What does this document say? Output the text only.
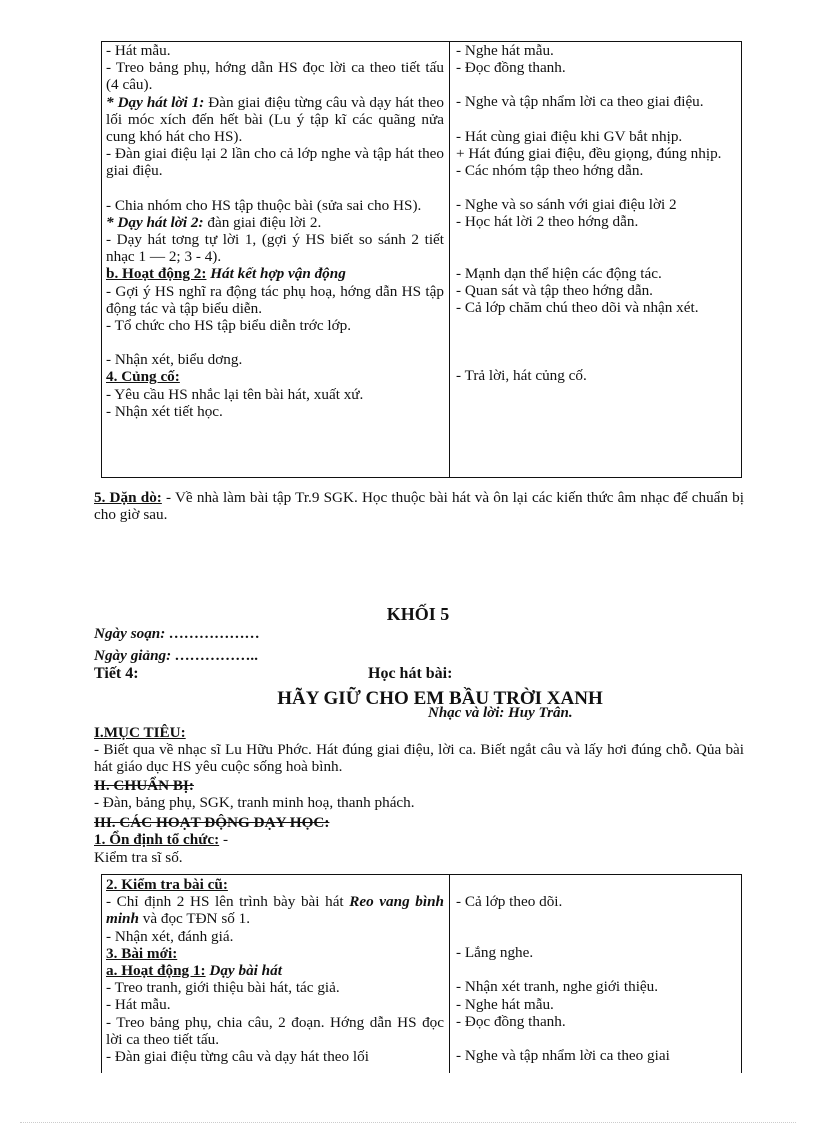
- Hát mẫu.

- Treo bảng phụ, hớng dẫn HS đọc lời ca theo tiết tấu (4 câu).

* Dạy hát lời 1: Đàn giai điệu từng câu và dạy hát theo lối móc xích đến hết bài (Lu ý tập kĩ các quãng nửa cung khó hát cho HS).

- Đàn giai điệu lại 2 lần cho cả lớp nghe và tập hát theo giai điệu.

- Chia nhóm cho HS tập thuộc bài (sửa sai cho HS).

* Dạy hát lời 2: đàn giai điệu lời 2.

- Dạy hát tơng tự lời 1, (gợi ý HS biết so sánh 2 tiết nhạc 1 — 2; 3 - 4).

b. Hoạt động 2: Hát kết hợp vận động

- Gợi ý HS nghĩ ra động tác phụ hoạ, hớng dẫn HS tập động tác và tập biểu diễn.

- Tổ chức cho HS tập biểu diễn trớc lớp.

- Nhận xét, biểu dơng.

4. Củng cố:

- Yêu cầu HS nhắc lại tên bài hát, xuất xứ.

- Nhận xét tiết học.

- Nghe hát mẫu.

- Đọc đồng thanh.

- Nghe và tập nhẩm lời ca theo giai điệu.

- Hát cùng giai điệu khi GV bắt nhịp.

+ Hát đúng giai điệu, đều giọng, đúng nhịp.

- Các nhóm tập theo hớng dẫn.

- Nghe và so sánh với giai điệu lời 2

- Học hát lời 2 theo hớng dẫn.

- Mạnh dạn thể hiện các động tác.

- Quan sát và tập theo hớng dẫn.

- Cả lớp chăm chú theo dõi và nhận xét.

- Trả lời, hát củng cố.

5. Dặn dò: - Về nhà làm bài tập Tr.9 SGK. Học thuộc bài hát và ôn lại các kiến thức âm nhạc để chuẩn bị cho giờ sau.
KHỐI 5
Ngày soạn: ………………
Ngày giảng: ……………..
Tiết 4:	Học hát bài:
HÃY GIỮ CHO EM BẦU TRỜI XANH
Nhạc và lời: Huy Trân.
I.MỤC TIÊU:
- Biết qua về nhạc sĩ Lu Hữu Phớc. Hát đúng giai điệu, lời ca. Biết ngắt câu và lấy hơi đúng chỗ. Qủa bài hát giáo dục HS yêu cuộc sống hoà bình.
II. CHUẨN BỊ:
- Đàn, bảng phụ, SGK, tranh minh hoạ, thanh phách.
III. CÁC HOẠT ĐỘNG DẠY HỌC:
1. Ổn định tổ chức: -
Kiểm tra sĩ số.

2. Kiểm tra bài cũ:

- Chỉ định 2 HS lên trình bày bài hát Reo vang bình minh và đọc TĐN số 1.

- Nhận xét, đánh giá.

3. Bài mới:

a. Hoạt động 1: Dạy bài hát

- Treo tranh, giới thiệu bài hát, tác giả.

- Hát mẫu.

- Treo bảng phụ, chia câu, 2 đoạn. Hớng dẫn HS đọc lời ca theo tiết tấu.

- Đàn giai điệu từng câu và dạy hát theo lối

- Cả lớp theo dõi.

- Lắng nghe.

- Nhận xét tranh, nghe giới thiệu.

- Nghe hát mẫu.

- Đọc đồng thanh.

- Nghe và tập nhẩm lời ca theo giai
